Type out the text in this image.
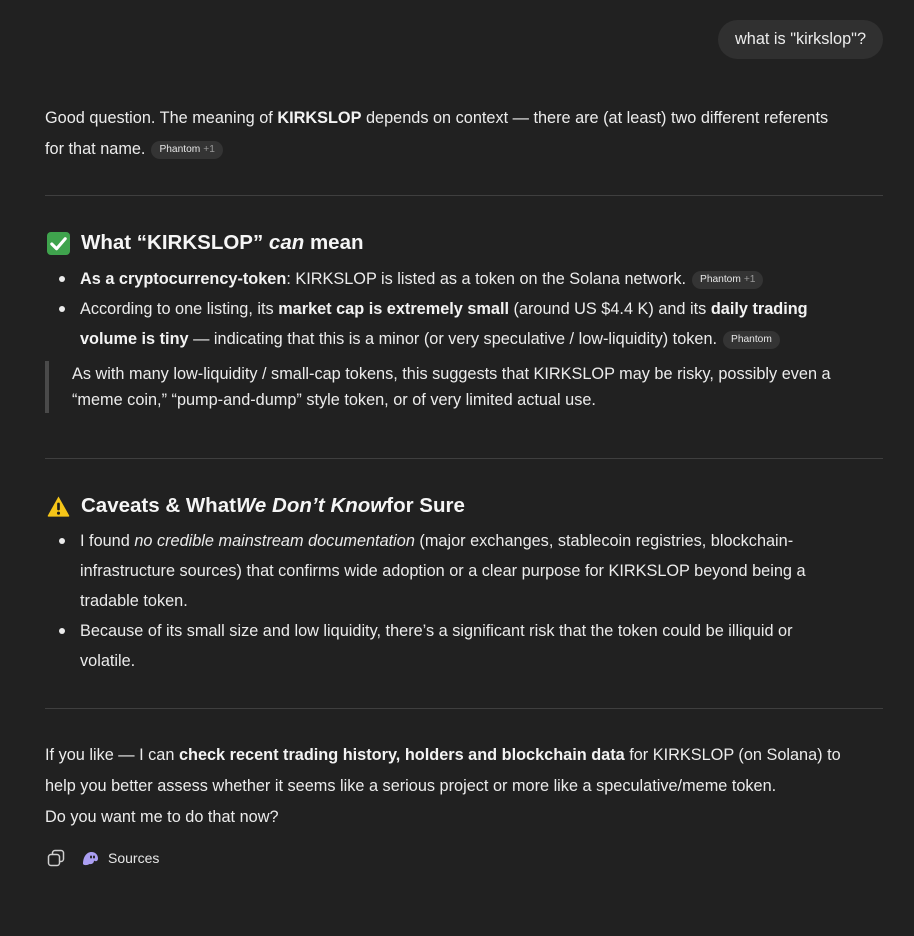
what is "kirkslop"?

Good question. The meaning of KIRKSLOP depends on context — there are (at least) two different referents
for that name. Phantom +1

What “KIRKSLOP”
can
mean
As a cryptocurrency-token: KIRKSLOP is listed as a token on the Solana network. Phantom +1
According to one listing, its market cap is extremely small (around US $4.4 K) and its daily trading
volume is tiny — indicating that this is a minor (or very speculative / low-liquidity) token. Phantom
As with many low-liquidity / small-cap tokens, this suggests that KIRKSLOP may be risky, possibly even a
“meme coin,” “pump-and-dump” style token, or of very limited actual use.
Caveats & What We Don’t Know for Sure
I found no credible mainstream documentation (major exchanges, stablecoin registries, blockchain-
infrastructure sources) that confirms wide adoption or a clear purpose for KIRKSLOP beyond being a
tradable token.
Because of its small size and low liquidity, there’s a significant risk that the token could be illiquid or
volatile.

If you like — I can check recent trading history, holders and blockchain data for KIRKSLOP (on Solana) to
help you better assess whether it seems like a serious project or more like a speculative/meme token.
Do you want me to do that now?

Sources
